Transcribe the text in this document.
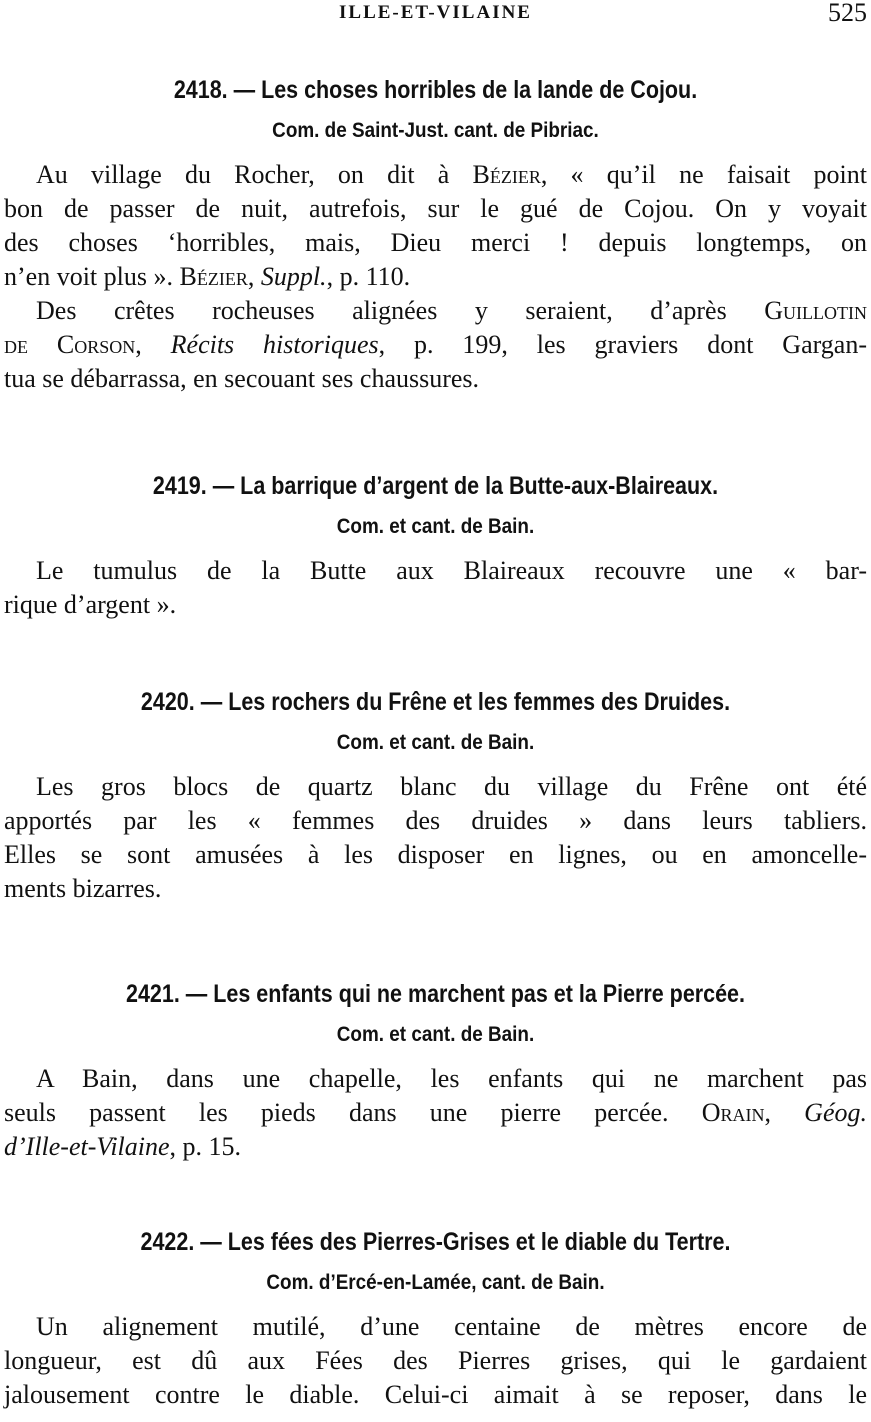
ILLE-ET-VILAINE	525
2418. — Les choses horribles de la lande de Cojou.
Com. de Saint-Just. cant. de Pibriac.
Au village du Rocher, on dit à Bézier, « qu’il ne faisait point
bon de passer de nuit, autrefois, sur le gué de Cojou. On y voyait
des choses ‘horribles, mais, Dieu merci ! depuis longtemps, on
n’en voit plus ». Bézier, Suppl., p. 110.
Des crêtes rocheuses alignées y seraient, d’après Guillotin
de Corson, Récits historiques, p. 199, les graviers dont Gargan-
tua se débarrassa, en secouant ses chaussures.
2419. — La barrique d’argent de la Butte-aux-Blaireaux.
Com. et cant. de Bain.
Le tumulus de la Butte aux Blaireaux recouvre une « bar-
rique d’argent ».
2420. — Les rochers du Frêne et les femmes des Druides.
Com. et cant. de Bain.
Les gros blocs de quartz blanc du village du Frêne ont été
apportés par les « femmes des druides » dans leurs tabliers.
Elles se sont amusées à les disposer en lignes, ou en amoncelle-
ments bizarres.
2421. — Les enfants qui ne marchent pas et la Pierre percée.
Com. et cant. de Bain.
A Bain, dans une chapelle, les enfants qui ne marchent pas
seuls passent les pieds dans une pierre percée. Orain, Géog.
d’Ille-et-Vilaine, p. 15.
2422. — Les fées des Pierres-Grises et le diable du Tertre.
Com. d’Ercé-en-Lamée, cant. de Bain.
Un alignement mutilé, d’une centaine de mètres encore de
longueur, est dû aux Fées des Pierres grises, qui le gardaient
jalousement contre le diable. Celui-ci aimait à se reposer, dans le
